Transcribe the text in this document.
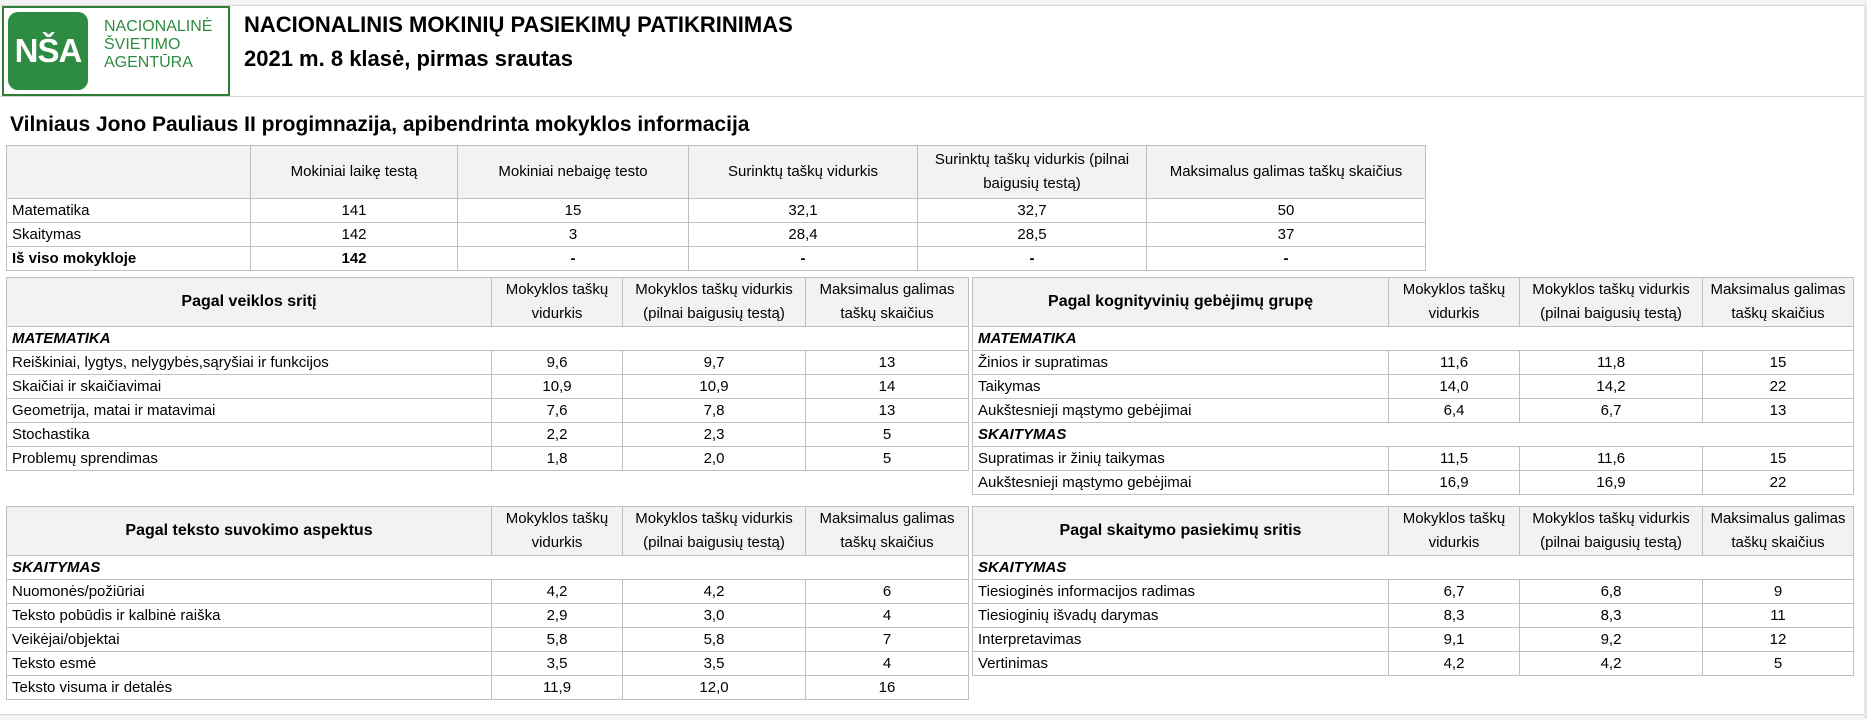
NŠA
NACIONALINĖ
ŠVIETIMO
AGENTŪRA
NACIONALINIS MOKINIŲ PASIEKIMŲ PATIKRINIMAS
2021 m. 8 klasė, pirmas srautas
Vilniaus Jono Pauliaus II progimnazija, apibendrinta mokyklos informacija
	Mokiniai laikę testą	Mokiniai nebaigę testo	Surinktų taškų vidurkis	Surinktų taškų vidurkis (pilnai baigusių testą)	Maksimalus galimas taškų skaičius
Matematika	141	15	32,1	32,7	50
Skaitymas	142	3	28,4	28,5	37
Iš viso mokykloje	142	-	-	-	-
Pagal veiklos sritį	Mokyklos taškų vidurkis	Mokyklos taškų vidurkis (pilnai baigusių testą)	Maksimalus galimas taškų skaičius
MATEMATIKA			
Reiškiniai, lygtys, nelygybės,sąryšiai ir funkcijos	9,6	9,7	13
Skaičiai ir skaičiavimai	10,9	10,9	14
Geometrija, matai ir matavimai	7,6	7,8	13
Stochastika	2,2	2,3	5
Problemų sprendimas	1,8	2,0	5
Pagal kognityvinių gebėjimų grupę	Mokyklos taškų vidurkis	Mokyklos taškų vidurkis (pilnai baigusių testą)	Maksimalus galimas taškų skaičius
MATEMATIKA			
Žinios ir supratimas	11,6	11,8	15
Taikymas	14,0	14,2	22
Aukštesnieji mąstymo gebėjimai	6,4	6,7	13
SKAITYMAS			
Supratimas ir žinių taikymas	11,5	11,6	15
Aukštesnieji mąstymo gebėjimai	16,9	16,9	22
Pagal teksto suvokimo aspektus	Mokyklos taškų vidurkis	Mokyklos taškų vidurkis (pilnai baigusių testą)	Maksimalus galimas taškų skaičius
SKAITYMAS			
Nuomonės/požiūriai	4,2	4,2	6
Teksto pobūdis ir kalbinė raiška	2,9	3,0	4
Veikėjai/objektai	5,8	5,8	7
Teksto esmė	3,5	3,5	4
Teksto visuma ir detalės	11,9	12,0	16
Pagal skaitymo pasiekimų sritis	Mokyklos taškų vidurkis	Mokyklos taškų vidurkis (pilnai baigusių testą)	Maksimalus galimas taškų skaičius
SKAITYMAS			
Tiesioginės informacijos radimas	6,7	6,8	9
Tiesioginių išvadų darymas	8,3	8,3	11
Interpretavimas	9,1	9,2	12
Vertinimas	4,2	4,2	5
